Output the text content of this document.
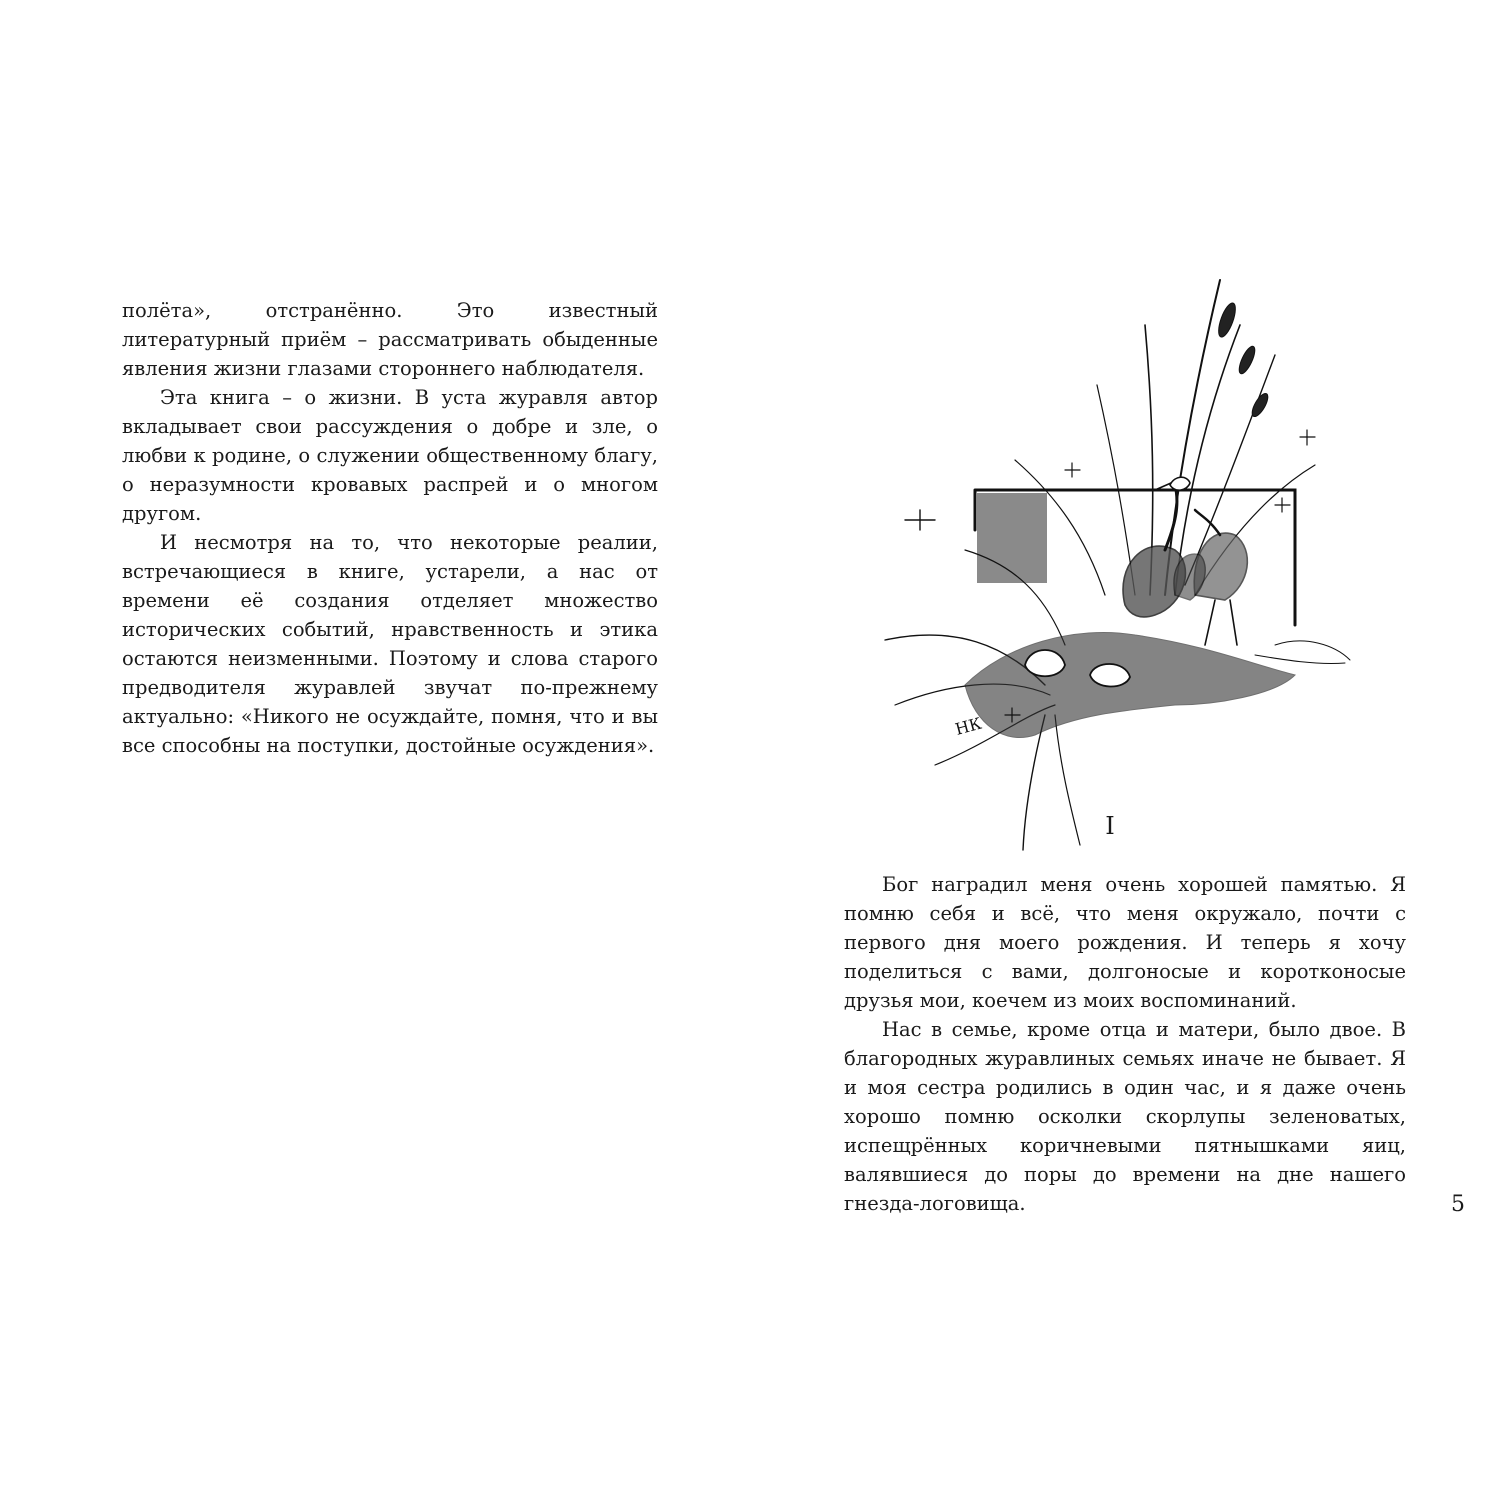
полёта», отстранённо. Это известный литературный приём – рассматривать обыденные явления жизни глазами стороннего наблюдателя.

Эта книга – о жизни. В уста журавля автор вкладывает свои рассуждения о добре и зле, о любви к родине, о служении общественному благу, о неразумности кровавых распрей и о многом другом.

И несмотря на то, что некоторые реалии, встречающиеся в книге, устарели, а нас от времени её создания отделяет множество исторических событий, нравственность и этика остаются неизменными. Поэтому и слова старого предводителя журавлей звучат по-прежнему актуально: «Никого не осуждайте, помня, что и вы все способны на поступки, достойные осуждения».

НК
I

Бог наградил меня очень хорошей памятью. Я помню себя и всё, что меня окружало, почти с первого дня моего рождения. И теперь я хочу поделиться с вами, долгоносые и коротконосые друзья мои, коечем из моих воспоминаний.

Нас в семье, кроме отца и матери, было двое. В благородных журавлиных семьях иначе не бывает. Я и моя сестра родились в один час, и я даже очень хорошо помню осколки скорлупы зеленоватых, испещрённых коричневыми пятнышками яиц, валявшиеся до поры до времени на дне нашего гнезда-логовища.	5
